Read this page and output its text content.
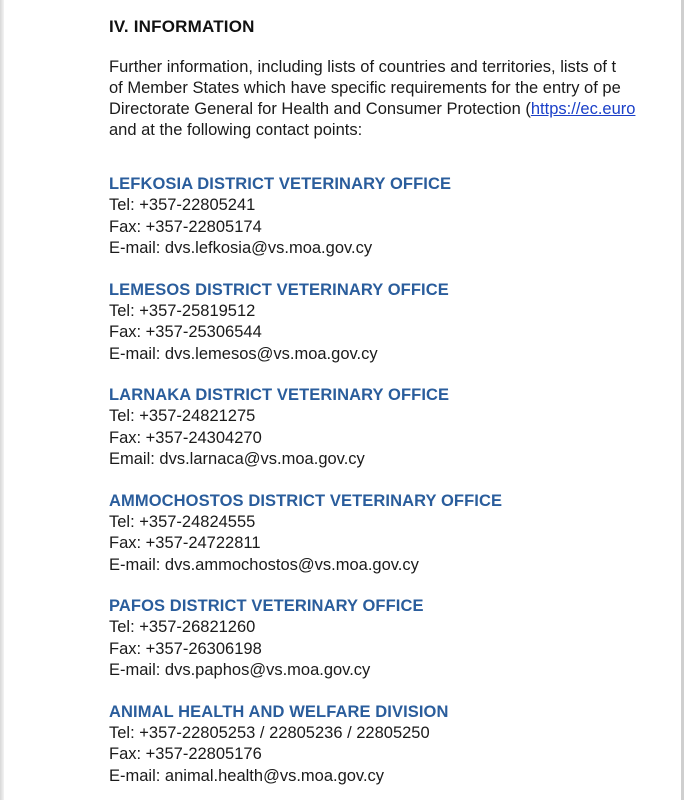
IV. INFORMATION
Further information, including lists of countries and territories, lists of t
of Member States which have specific requirements for the entry of pe
Directorate General for Health and Consumer Protection (https://ec.euro
and at the following contact points:
LEFKOSIA DISTRICT VETERINARY OFFICE
Tel: +357-22805241
Fax: +357-22805174
E-mail: dvs.lefkosia@vs.moa.gov.cy
LEMESOS DISTRICT VETERINARY OFFICE
Tel: +357-25819512
Fax: +357-25306544
E-mail: dvs.lemesos@vs.moa.gov.cy
LARNAKA DISTRICT VETERINARY OFFICE
Tel: +357-24821275
Fax: +357-24304270
Email: dvs.larnaca@vs.moa.gov.cy
AMMOCHOSTOS DISTRICT VETERINARY OFFICE
Tel: +357-24824555
Fax: +357-24722811
E-mail: dvs.ammochostos@vs.moa.gov.cy
PAFOS DISTRICT VETERINARY OFFICE
Tel: +357-26821260
Fax: +357-26306198
E-mail: dvs.paphos@vs.moa.gov.cy
ANIMAL HEALTH AND WELFARE DIVISION
Tel: +357-22805253 / 22805236 / 22805250
Fax: +357-22805176
E-mail: animal.health@vs.moa.gov.cy
